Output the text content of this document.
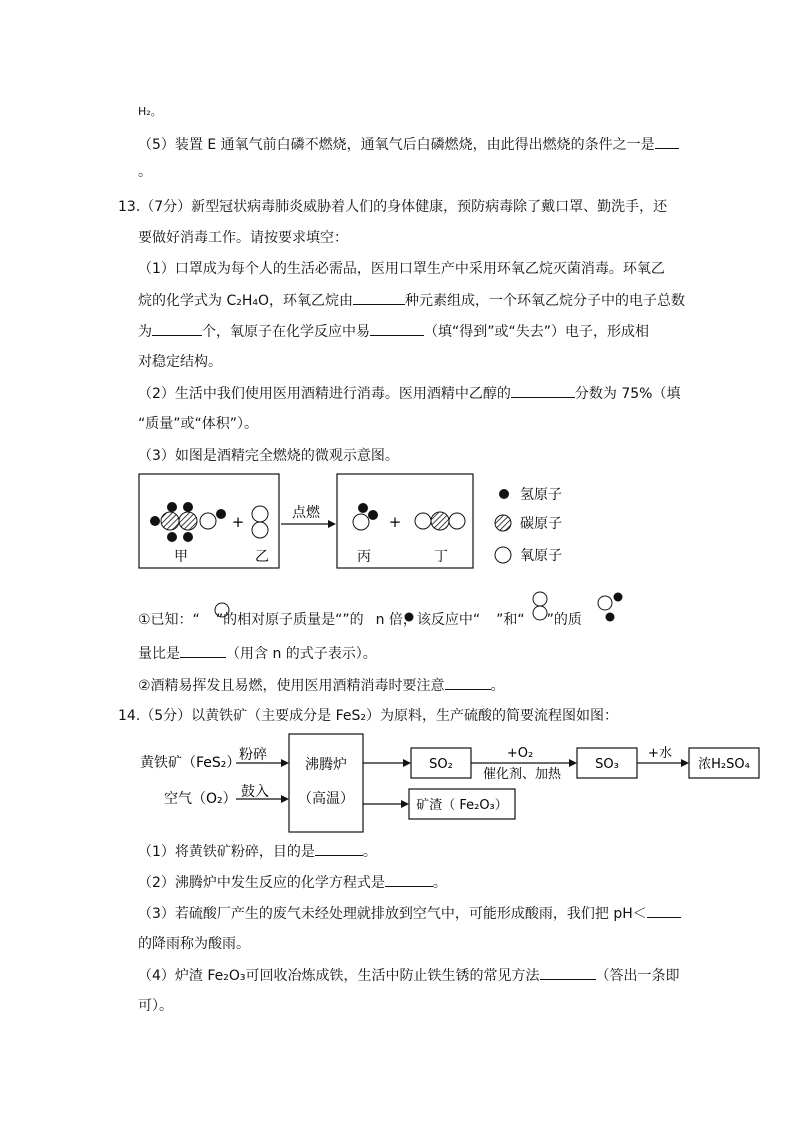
H₂。
（5）装置 E 通氧气前白磷不燃烧，通氧气后白磷燃烧，由此得出燃烧的条件之一是
。
13.（7分）新型冠状病毒肺炎威胁着人们的身体健康，预防病毒除了戴口罩、勤洗手，还
要做好消毒工作。请按要求填空：
（1）口罩成为每个人的生活必需品，医用口罩生产中采用环氧乙烷灭菌消毒。环氧乙
烷的化学式为 C₂H₄O，环氧乙烷由	种元素组成，一个环氧乙烷分子中的电子总数
为	个，氧原子在化学反应中易	（填“得到”或“失去”）电子，形成相
对稳定结构。
（2）生活中我们使用医用酒精进行消毒。医用酒精中乙醇的	分数为 75%（填
“质量”或“体积”）。
（3）如图是酒精完全燃烧的微观示意图。
点燃
+
甲	乙
+
丙	丁
氢原子
碳原子
氧原子
①已知：“ ”的相对原子质量是“”的 n 倍，该反应中“ ”和“ ”的质
量比是	（用含 n 的式子表示）。
②酒精易挥发且易燃，使用医用酒精消毒时要注意	。
14.（5分）以黄铁矿（主要成分是 FeS₂）为原料，生产硫酸的简要流程图如图：
黄铁矿（FeS₂）
粉碎
空气（O₂） 鼓入
沸腾炉
（高温）
SO₂
+O₂
催化剂、加热
SO₃
+水
浓H₂SO₄
矿渣（ Fe₂O₃）
（1）将黄铁矿粉碎，目的是	。
（2）沸腾炉中发生反应的化学方程式是	。
（3）若硫酸厂产生的废气未经处理就排放到空气中，可能形成酸雨，我们把 pH＜
的降雨称为酸雨。
（4）炉渣 Fe₂O₃可回收冶炼成铁，生活中防止铁生锈的常见方法	（答出一条即
可）。
